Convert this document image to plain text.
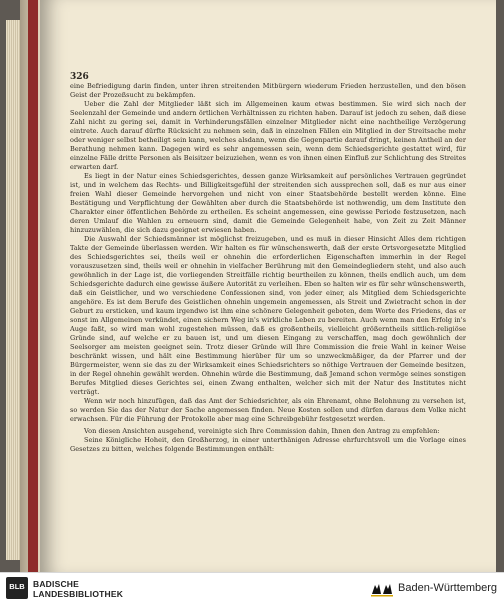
326

eine Befriedigung darin finden, unter ihren streitenden Mitbürgern wiederum Frieden herzustellen, und den bösen Geist der Prozeßsucht zu bekämpfen.

Ueber die Zahl der Mitglieder läßt sich im Allgemeinen kaum etwas bestimmen. Sie wird sich nach der Seelenzahl der Gemeinde und andern örtlichen Verhältnissen zu richten haben. Darauf ist jedoch zu sehen, daß diese Zahl nicht zu gering sei, damit in Verhinderungsfällen einzelner Mitglieder nicht eine nachtheilige Verzögerung eintrete. Auch darauf dürfte Rücksicht zu nehmen sein, daß in einzelnen Fällen ein Mitglied in der Streitsache mehr oder weniger selbst betheiligt sein kann, welches alsdann, wenn die Gegenpartie darauf dringt, keinen Antheil an der Berathung nehmen kann. Dagegen wird es sehr angemessen sein, wenn dem Schiedsgerichte gestattet wird, für einzelne Fälle dritte Personen als Beisitzer beizuziehen, wenn es von ihnen einen Einfluß zur Schlichtung des Streites erwarten darf.

Es liegt in der Natur eines Schiedsgerichtes, dessen ganze Wirksamkeit auf persönliches Vertrauen gegründet ist, und in welchem das Rechts- und Billigkeitsgefühl der streitenden sich aussprechen soll, daß es nur aus einer freien Wahl dieser Gemeinde hervorgehen und nicht von einer Staatsbehörde bestellt werden könne. Eine Bestätigung und Verpflichtung der Gewählten aber durch die Staatsbehörde ist nothwendig, um dem Institute den Charakter einer öffentlichen Behörde zu ertheilen. Es scheint angemessen, eine gewisse Periode festzusetzen, nach deren Umlauf die Wahlen zu erneuern sind, damit die Gemeinde Gelegenheit habe, von Zeit zu Zeit Männer hinzuzuwählen, die sich dazu geeignet erwiesen haben.

Die Auswahl der Schiedsmänner ist möglichst freizugeben, und es muß in dieser Hinsicht Alles dem richtigen Takte der Gemeinde überlassen werden. Wir halten es für wünschenswerth, daß der erste Ortsvorgesetzte Mitglied des Schiedsgerichtes sei, theils weil er ohnehin die erforderlichen Eigenschaften immerhin in der Regel vorauszusetzen sind, theils weil er ohnehin in vielfacher Berührung mit den Gemeindegliedern steht, und also auch gewöhnlich in der Lage ist, die vorliegenden Streitfälle richtig beurtheilen zu können, theils endlich auch, um dem Schiedsgerichte dadurch eine gewisse äußere Autorität zu verleihen. Eben so halten wir es für sehr wünschenswerth, daß ein Geistlicher, und wo verschiedene Confessionen sind, von jeder einer, als Mitglied dem Schiedsgerichte angehöre. Es ist dem Berufe des Geistlichen ohnehin ungemein angemessen, als Streit und Zwietracht schon in der Geburt zu ersticken, und kaum irgendwo ist ihm eine schönere Gelegenheit geboten, dem Worte des Friedens, das er sonst im Allgemeinen verkündet, einen sichern Weg in's wirkliche Leben zu bereiten. Auch wenn man den Erfolg in's Auge faßt, so wird man wohl zugestehen müssen, daß es großentheils, vielleicht größerntheils sittlich-religiöse Gründe sind, auf welche er zu bauen ist, und um diesen Eingang zu verschaffen, mag doch gewöhnlich der Seelsorger am meisten geeignet sein. Trotz dieser Gründe will Ihre Commission die freie Wahl in keiner Weise beschränkt wissen, und hält eine Bestimmung hierüber für um so unzweckmäßiger, da der Pfarrer und der Bürgermeister, wenn sie das zu der Wirksamkeit eines Schiedsrichters so nöthige Vertrauen der Gemeinde besitzen, in der Regel ohnehin gewählt werden. Ohnehin würde die Bestimmung, daß Jemand schon vermöge seines sonstigen Berufes Mitglied dieses Gerichtes sei, einen Zwang enthalten, welcher sich mit der Natur des Institutes nicht verträgt.

Wenn wir noch hinzufügen, daß das Amt der Schiedsrichter, als ein Ehrenamt, ohne Belohnung zu versehen ist, so werden Sie das der Natur der Sache angemessen finden. Neue Kosten sollen und dürfen daraus dem Volke nicht erwachsen. Für die Führung der Protokolle aber mag eine Schreibgebühr festgesetzt werden.

Von diesen Ansichten ausgehend, vereinigte sich Ihre Commission dahin, Ihnen den Antrag zu empfehlen:

Seine Königliche Hoheit, den Großherzog, in einer unterthänigen Adresse ehrfurchtsvoll um die Vorlage eines Gesetzes zu bitten, welches folgende Bestimmungen enthält:

BLB BADISCHE
LANDESBIBLIOTHEK	Baden-Württemberg
